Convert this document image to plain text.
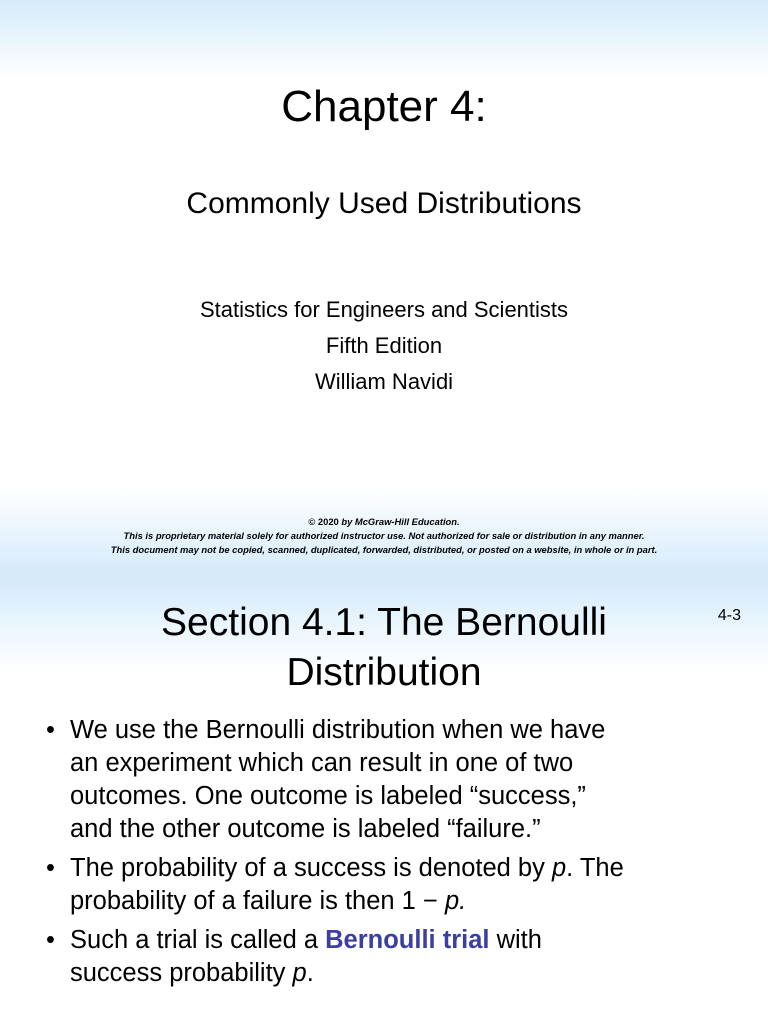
Chapter 4:
Commonly Used Distributions
Statistics for Engineers and Scientists
Fifth Edition
William Navidi
© 2020 by McGraw-Hill Education.
This is proprietary material solely for authorized instructor use. Not authorized for sale or distribution in any manner.
This document may not be copied, scanned, duplicated, forwarded, distributed, or posted on a website, in whole or in part.
4-3
Section 4.1: The Bernoulli
Distribution
• We use the Bernoulli distribution when we have
an experiment which can result in one of two
outcomes. One outcome is labeled “success,”
and the other outcome is labeled “failure.”
• The probability of a success is denoted by p. The
probability of a failure is then 1 − p.
• Such a trial is called a Bernoulli trial with
success probability p.
